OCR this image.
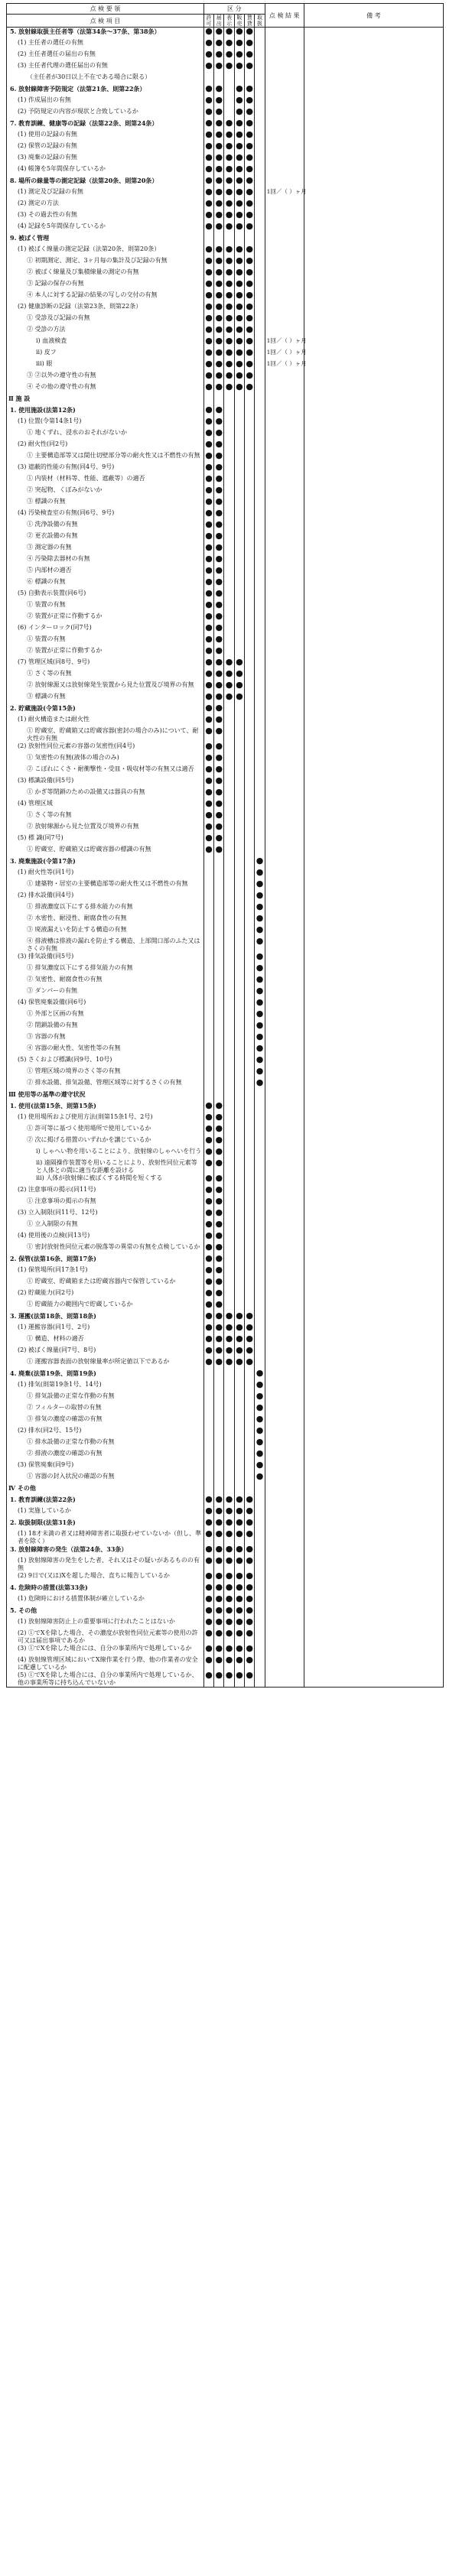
点 検 要 領	区 分						点 検 結 果	備 考
点 検 項 目	許可	届出	表示	販売	賃貸	取扱		
5. 放射線取扱主任者等（法第34条〜37条、第38条）	●	●	●	●	●			
(1) 主任者の選任の有無	●	●	●	●	●			
(2) 主任者選任の届出の有無	●	●	●	●	●			
(3) 主任者代理の選任届出の有無	●	●	●	●	●			
（主任者が30日以上不在である場合に限る）								
6. 放射線障害予防規定（法第21条、則第22条）	●	●		●	●			
(1) 作成届出の有無	●	●		●	●			
(2) 予防規定の内容が現状と合致しているか	●	●		●	●			
7. 教育訓練、健康等の記録（法第22条、則第24条）	●	●	●	●	●			
(1) 使用の記録の有無	●	●	●	●	●			
(2) 保管の記録の有無	●	●	●	●	●			
(3) 廃棄の記録の有無	●	●	●	●	●			
(4) 帳簿を5年間保存しているか	●	●	●	●	●			
8. 場所の線量等の測定記録（法第20条、則第20条）	●	●	●	●	●			
(1) 測定及び記録の有無	●	●	●	●	●		1回／（ ）ヶ月	
(2) 測定の方法	●	●	●	●	●			
(3) その過去性の有無	●	●	●	●	●			
(4) 記録を5年間保存しているか	●	●	●	●	●			
9. 被ばく管理								
(1) 被ばく線量の測定記録（法第20条、則第20条）	●	●	●	●	●			
① 初期測定、測定、3ヶ月毎の集計及び記録の有無	●	●	●	●	●			
② 被ばく線量及び集積線量の測定の有無	●	●	●	●	●			
③ 記録の保存の有無	●	●	●	●	●			
④ 本人に対する記録の結果の写しの交付の有無	●	●	●	●	●			
(2) 健康診断の記録（法第23条、則第22条）	●	●	●	●	●			
① 受診及び記録の有無	●	●	●	●	●			
② 受診の方法	●	●	●	●	●			
i) 血液検査	●	●	●	●	●		1回／（ ）ヶ月	
ii) 皮フ	●	●	●	●	●		1回／（ ）ヶ月	
iii) 眼	●	●	●	●	●		1回／（ ）ヶ月	
③ ②以外の遵守性の有無	●	●	●	●	●			
④ その他の遵守性の有無	●	●	●	●	●			
Ⅱ 施 設								
1. 使用施設(法第12条)	●	●						
(1) 位置(令第14条1号)	●	●						
① 地くずれ、浸水のおそれがないか	●	●						
(2) 耐火性(同2号)	●	●						
① 主要構造部等又は間仕切壁部分等の耐火性又は不燃性の有無	●	●						
(3) 遮蔽的性能の有無(同4号、9号)	●	●						
① 内装材（材料等、性能、遮蔽等）の適否	●	●						
② 突起物、くぼみがないか	●	●						
③ 標識の有無	●	●						
(4) 汚染検査室の有無(同6号、9号)	●	●						
① 洗浄設備の有無	●	●						
② 更衣設備の有無	●	●						
③ 測定器の有無	●	●						
④ 汚染除去器材の有無	●	●						
⑤ 内部材の適否	●	●						
⑥ 標識の有無	●	●						
(5) 自動表示装置(同6号)	●	●						
① 装置の有無	●	●						
② 装置が正常に作動するか	●	●						
(6) インターロック(同7号)	●	●						
① 装置の有無	●	●						
② 装置が正常に作動するか	●	●						
(7) 管理区域(同8号、9号)	●	●	●	●				
① さく等の有無	●	●	●	●				
② 放射線源又は放射線発生装置から見た位置及び境界の有無	●	●	●	●				
③ 標識の有無	●	●	●	●				
2. 貯蔵施設(令第15条)	●	●						
(1) 耐火構造または耐火性	●	●						
① 貯蔵室、貯蔵箱又は貯蔵容器(密封の場合のみ)について、耐火性の有無	●	●						
(2) 放射性同位元素の容器の気密性(同4号)	●	●						
① 気密性の有無(液体の場合のみ)	●	●						
② こぼれにくさ・耐衝撃性・受皿・吸収材等の有無又は適否	●	●						
(3) 標識設備(同5号)	●	●						
① かぎ等閉鎖のための設備又は器具の有無	●	●						
(4) 管理区域	●	●						
① さく等の有無	●	●						
② 放射線源から見た位置及び境界の有無	●	●						
(5) 標 識(同7号)	●	●						
① 貯蔵室、貯蔵箱又は貯蔵容器の標識の有無	●	●						
3. 廃棄施設(令第17条)						●		
(1) 耐火性等(同1号)						●		
① 建築物・居室の主要構造部等の耐火性又は不燃性の有無						●		
(2) 排水設備(同4号)						●		
① 排液濃度以下にする排水能力の有無						●		
② 水密性、耐浸性、耐腐食性の有無						●		
③ 廃液漏えいを防止する構造の有無						●		
④ 排液槽は排液の漏れを防止する構造、上部開口部のふた又はさくの有無						●		
(3) 排気設備(同5号)						●		
① 排気濃度以下にする排気能力の有無						●		
② 気密性、耐腐食性の有無						●		
③ ダンパーの有無						●		
(4) 保管廃棄設備(同6号)						●		
① 外部と区画の有無						●		
② 閉鎖設備の有無						●		
③ 容器の有無						●		
④ 容器の耐火性、気密性等の有無						●		
(5) さくおよび標識(同9号、10号)						●		
① 管理区域の境界のさく等の有無						●		
② 排水設備、排気設備、管理区域等に対するさくの有無						●		
Ⅲ 使用等の基準の遵守状況								
1. 使用(法第15条、則第15条)	●	●						
(1) 使用場所および使用方法(則第15条1号、2号)	●	●						
① 許可等に基づく使用場所で使用しているか	●	●						
② 次に掲げる措置のいずれかを講じているか	●	●						
i) しゃへい物を用いることにより、放射線のしゃへいを行う	●	●						
ii) 遠隔操作装置等を用いることにより、放射性同位元素等と人体との間に適当な距離を設ける	●	●						
iii) 人体が放射線に被ばくする時間を短くする	●	●						
(2) 注意事項の掲示(同11号)	●	●						
① 注意事項の掲示の有無	●	●						
(3) 立入制限(同11号、12号)	●	●						
① 立入制限の有無	●	●						
(4) 使用後の点検(同13号)	●	●						
① 密封放射性同位元素の脱落等の異常の有無を点検しているか	●	●						
2. 保管(法第16条、則第17条)	●	●						
(1) 保管場所(同17条1号)	●	●						
① 貯蔵室、貯蔵箱または貯蔵容器内で保管しているか	●	●						
(2) 貯蔵能力(同2号)	●	●						
① 貯蔵能力の範囲内で貯蔵しているか	●	●						
3. 運搬(法第18条、則第18条)	●	●	●	●	●			
(1) 運搬容器(同1号、2号)	●	●	●	●	●			
① 構造、材料の適否	●	●	●	●	●			
(2) 被ばく線量(同7号、8号)	●	●	●	●	●			
① 運搬容器表面の放射線量率が所定値以下であるか	●	●	●	●	●			
4. 廃棄(法第19条、則第19条)						●		
(1) 排気(則第19条1号、14号)						●		
① 排気設備の正常な作動の有無						●		
② フィルターの取替の有無						●		
③ 排気の濃度の確認の有無						●		
(2) 排水(同2号、15号)						●		
① 排水設備の正常な作動の有無						●		
② 排液の濃度の確認の有無						●		
(3) 保管廃棄(同9号)						●		
① 容器の封入状況の確認の有無						●		
Ⅳ その他								
1. 教育訓練(法第22条)	●	●	●	●	●			
(1) 実施しているか	●	●	●	●	●			
2. 取扱制限(法第31条)	●	●	●	●	●			
(1) 18才未満の者又は精神障害者に取扱わせていないか（但し、準者を除く）	●	●	●	●	●			
3. 放射線障害の発生（法第24条、33条）	●	●	●	●	●			
(1) 放射線障害の発生をした者、それ又はその疑いがあるものの有無	●	●	●	●	●			
(2) 9日で(又は)Xを超した場合、直ちに報告しているか	●	●	●	●	●			
4. 危険時の措置(法第33条)	●	●	●	●	●			
(1) 危険時における措置体制が確立しているか	●	●	●	●	●			
5. その他	●	●	●	●	●			
(1) 放射線障害防止上の重要事項に行われたことはないか	●	●	●	●	●			
(2) ①でXを除した場合、その濃度が放射性同位元素等の使用の許可又は届出事項であるか	●	●	●	●	●			
(3) ①でXを除した場合には、自分の事業所内で処理しているか	●	●	●	●	●			
(4) 放射線管理区域においてX線作業を行う際、他の作業者の安全に配慮しているか	●	●	●	●	●			
(5) ①でXを除した場合には、自分の事業所内で処理しているか、他の事業所等に持ち込んでいないか	●	●	●	●	●			
